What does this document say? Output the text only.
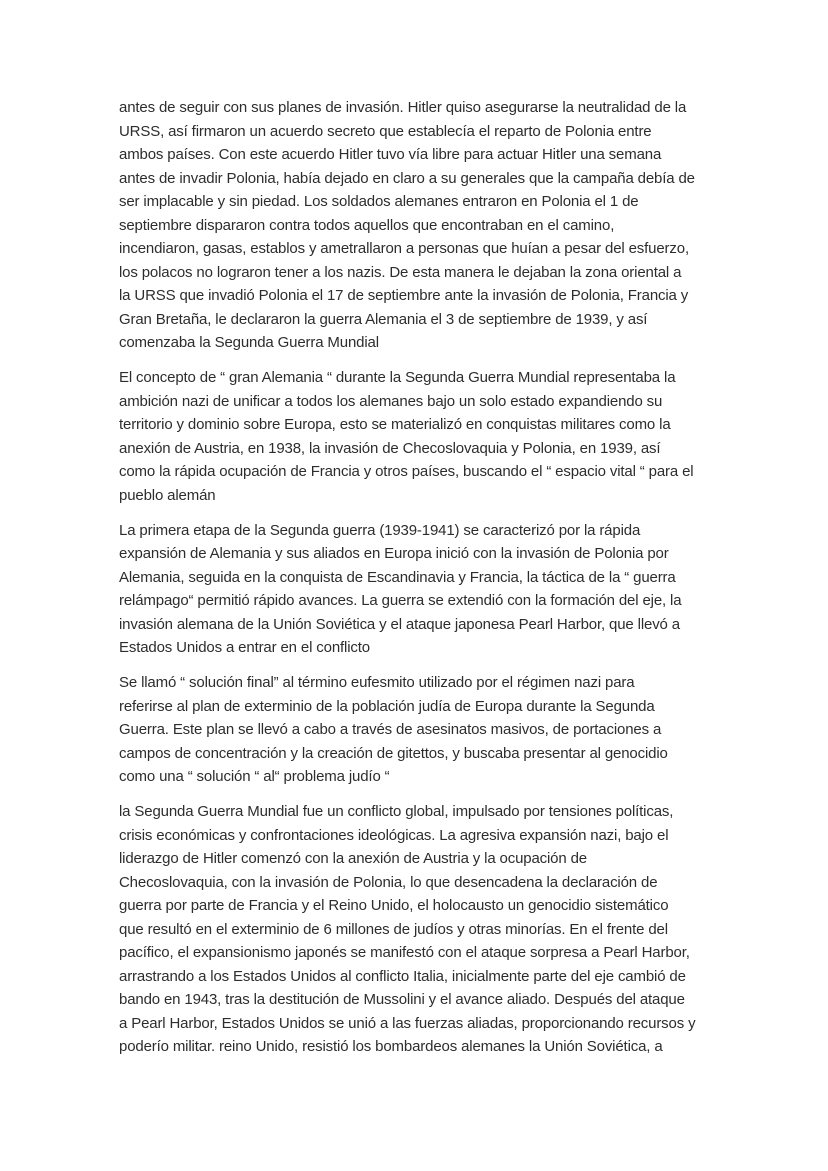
antes de seguir con sus planes de invasión. Hitler quiso asegurarse la neutralidad de la
URSS, así firmaron un acuerdo secreto que establecía el reparto de Polonia entre
ambos países. Con este acuerdo Hitler tuvo vía libre para actuar Hitler una semana
antes de invadir Polonia, había dejado en claro a su generales que la campaña debía de
ser implacable y sin piedad. Los soldados alemanes entraron en Polonia el 1 de
septiembre dispararon contra todos aquellos que encontraban en el camino,
incendiaron, gasas, establos y ametrallaron a personas que huían a pesar del esfuerzo,
los polacos no lograron tener a los nazis. De esta manera le dejaban la zona oriental a
la URSS que invadió Polonia el 17 de septiembre ante la invasión de Polonia, Francia y
Gran Bretaña, le declararon la guerra Alemania el 3 de septiembre de 1939, y así
comenzaba la Segunda Guerra Mundial

El concepto de “ gran Alemania “ durante la Segunda Guerra Mundial representaba la
ambición nazi de unificar a todos los alemanes bajo un solo estado expandiendo su
territorio y dominio sobre Europa, esto se materializó en conquistas militares como la
anexión de Austria, en 1938, la invasión de Checoslovaquia y Polonia, en 1939, así
como la rápida ocupación de Francia y otros países, buscando el “ espacio vital “ para el
pueblo alemán

La primera etapa de la Segunda guerra (1939-1941) se caracterizó por la rápida
expansión de Alemania y sus aliados en Europa inició con la invasión de Polonia por
Alemania, seguida en la conquista de Escandinavia y Francia, la táctica de la “ guerra
relámpago“ permitió rápido avances. La guerra se extendió con la formación del eje, la
invasión alemana de la Unión Soviética y el ataque japonesa Pearl Harbor, que llevó a
Estados Unidos a entrar en el conflicto

Se llamó “ solución final” al término eufesmito utilizado por el régimen nazi para
referirse al plan de exterminio de la población judía de Europa durante la Segunda
Guerra. Este plan se llevó a cabo a través de asesinatos masivos, de portaciones a
campos de concentración y la creación de gitettos, y buscaba presentar al genocidio
como una “ solución “ al“ problema judío “

la Segunda Guerra Mundial fue un conflicto global, impulsado por tensiones políticas,
crisis económicas y confrontaciones ideológicas. La agresiva expansión nazi, bajo el
liderazgo de Hitler comenzó con la anexión de Austria y la ocupación de
Checoslovaquia, con la invasión de Polonia, lo que desencadena la declaración de
guerra por parte de Francia y el Reino Unido, el holocausto un genocidio sistemático
que resultó en el exterminio de 6 millones de judíos y otras minorías. En el frente del
pacífico, el expansionismo japonés se manifestó con el ataque sorpresa a Pearl Harbor,
arrastrando a los Estados Unidos al conflicto Italia, inicialmente parte del eje cambió de
bando en 1943, tras la destitución de Mussolini y el avance aliado. Después del ataque
a Pearl Harbor, Estados Unidos se unió a las fuerzas aliadas, proporcionando recursos y
poderío militar. reino Unido, resistió los bombardeos alemanes la Unión Soviética, a
